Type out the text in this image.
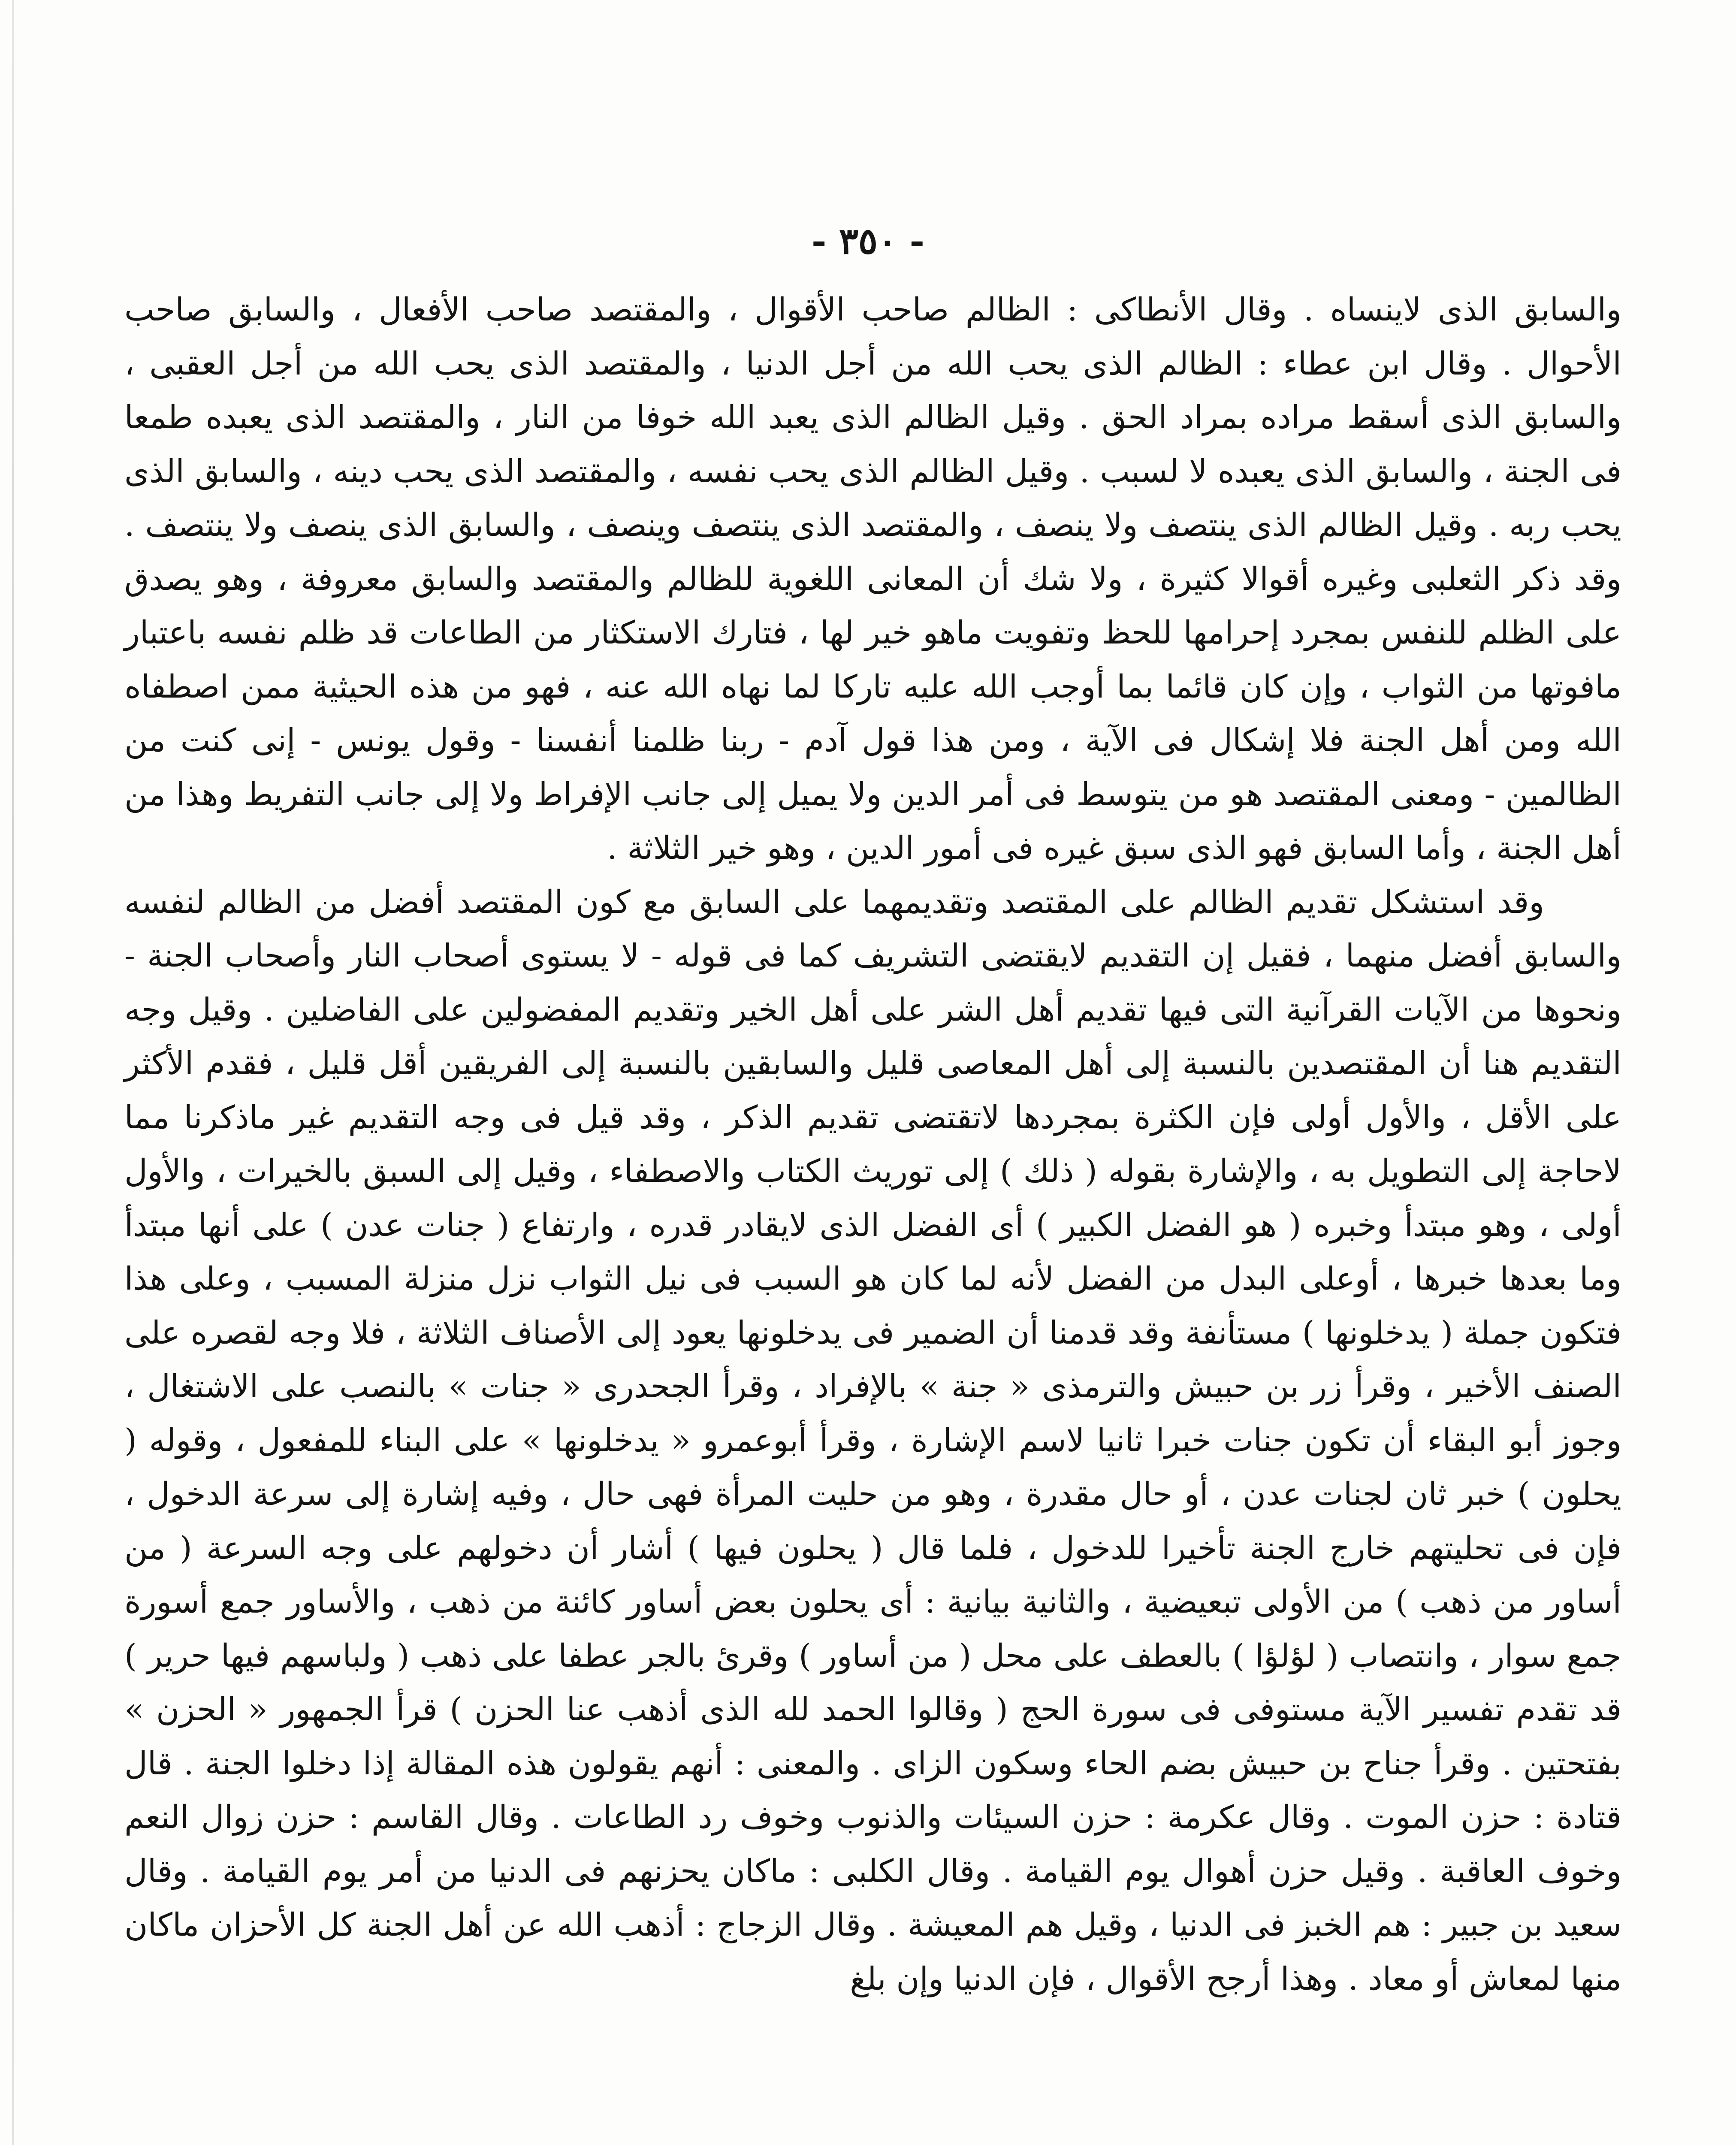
- ٣٥٠ -

والسابق الذى لاينساه . وقال الأنطاكى : الظالم صاحب الأقوال ، والمقتصد صاحب الأفعال ، والسابق صاحب الأحوال . وقال ابن عطاء : الظالم الذى يحب الله من أجل الدنيا ، والمقتصد الذى يحب الله من أجل العقبى ، والسابق الذى أسقط مراده بمراد الحق . وقيل الظالم الذى يعبد الله خوفا من النار ، والمقتصد الذى يعبده طمعا فى الجنة ، والسابق الذى يعبده لا لسبب . وقيل الظالم الذى يحب نفسه ، والمقتصد الذى يحب دينه ، والسابق الذى يحب ربه . وقيل الظالم الذى ينتصف ولا ينصف ، والمقتصد الذى ينتصف وينصف ، والسابق الذى ينصف ولا ينتصف . وقد ذكر الثعلبى وغيره أقوالا كثيرة ، ولا شك أن المعانى اللغوية للظالم والمقتصد والسابق معروفة ، وهو يصدق على الظلم للنفس بمجرد إحرامها للحظ وتفويت ماهو خير لها ، فتارك الاستكثار من الطاعات قد ظلم نفسه باعتبار مافوتها من الثواب ، وإن كان قائما بما أوجب الله عليه تاركا لما نهاه الله عنه ، فهو من هذه الحيثية ممن اصطفاه الله ومن أهل الجنة فلا إشكال فى الآية ، ومن هذا قول آدم - ربنا ظلمنا أنفسنا - وقول يونس - إنى كنت من الظالمين - ومعنى المقتصد هو من يتوسط فى أمر الدين ولا يميل إلى جانب الإفراط ولا إلى جانب التفريط وهذا من أهل الجنة ، وأما السابق فهو الذى سبق غيره فى أمور الدين ، وهو خير الثلاثة .

وقد استشكل تقديم الظالم على المقتصد وتقديمهما على السابق مع كون المقتصد أفضل من الظالم لنفسه والسابق أفضل منهما ، فقيل إن التقديم لايقتضى التشريف كما فى قوله - لا يستوى أصحاب النار وأصحاب الجنة - ونحوها من الآيات القرآنية التى فيها تقديم أهل الشر على أهل الخير وتقديم المفضولين على الفاضلين . وقيل وجه التقديم هنا أن المقتصدين بالنسبة إلى أهل المعاصى قليل والسابقين بالنسبة إلى الفريقين أقل قليل ، فقدم الأكثر على الأقل ، والأول أولى فإن الكثرة بمجردها لاتقتضى تقديم الذكر ، وقد قيل فى وجه التقديم غير ماذكرنا مما لاحاجة إلى التطويل به ، والإشارة بقوله ( ذلك ) إلى توريث الكتاب والاصطفاء ، وقيل إلى السبق بالخيرات ، والأول أولى ، وهو مبتدأ وخبره ( هو الفضل الكبير ) أى الفضل الذى لايقادر قدره ، وارتفاع ( جنات عدن ) على أنها مبتدأ وما بعدها خبرها ، أوعلى البدل من الفضل لأنه لما كان هو السبب فى نيل الثواب نزل منزلة المسبب ، وعلى هذا فتكون جملة ( يدخلونها ) مستأنفة وقد قدمنا أن الضمير فى يدخلونها يعود إلى الأصناف الثلاثة ، فلا وجه لقصره على الصنف الأخير ، وقرأ زر بن حبيش والترمذى « جنة » بالإفراد ، وقرأ الجحدرى « جنات » بالنصب على الاشتغال ، وجوز أبو البقاء أن تكون جنات خبرا ثانيا لاسم الإشارة ، وقرأ أبوعمرو « يدخلونها » على البناء للمفعول ، وقوله ( يحلون ) خبر ثان لجنات عدن ، أو حال مقدرة ، وهو من حليت المرأة فهى حال ، وفيه إشارة إلى سرعة الدخول ، فإن فى تحليتهم خارج الجنة تأخيرا للدخول ، فلما قال ( يحلون فيها ) أشار أن دخولهم على وجه السرعة ( من أساور من ذهب ) من الأولى تبعيضية ، والثانية بيانية : أى يحلون بعض أساور كائنة من ذهب ، والأساور جمع أسورة جمع سوار ، وانتصاب ( لؤلؤا ) بالعطف على محل ( من أساور ) وقرئ بالجر عطفا على ذهب ( ولباسهم فيها حرير ) قد تقدم تفسير الآية مستوفى فى سورة الحج ( وقالوا الحمد لله الذى أذهب عنا الحزن ) قرأ الجمهور « الحزن » بفتحتين . وقرأ جناح بن حبيش بضم الحاء وسكون الزاى . والمعنى : أنهم يقولون هذه المقالة إذا دخلوا الجنة . قال قتادة : حزن الموت . وقال عكرمة : حزن السيئات والذنوب وخوف رد الطاعات . وقال القاسم : حزن زوال النعم وخوف العاقبة . وقيل حزن أهوال يوم القيامة . وقال الكلبى : ماكان يحزنهم فى الدنيا من أمر يوم القيامة . وقال سعيد بن جبير : هم الخبز فى الدنيا ، وقيل هم المعيشة . وقال الزجاج : أذهب الله عن أهل الجنة كل الأحزان ماكان منها لمعاش أو معاد . وهذا أرجح الأقوال ، فإن الدنيا وإن بلغ
